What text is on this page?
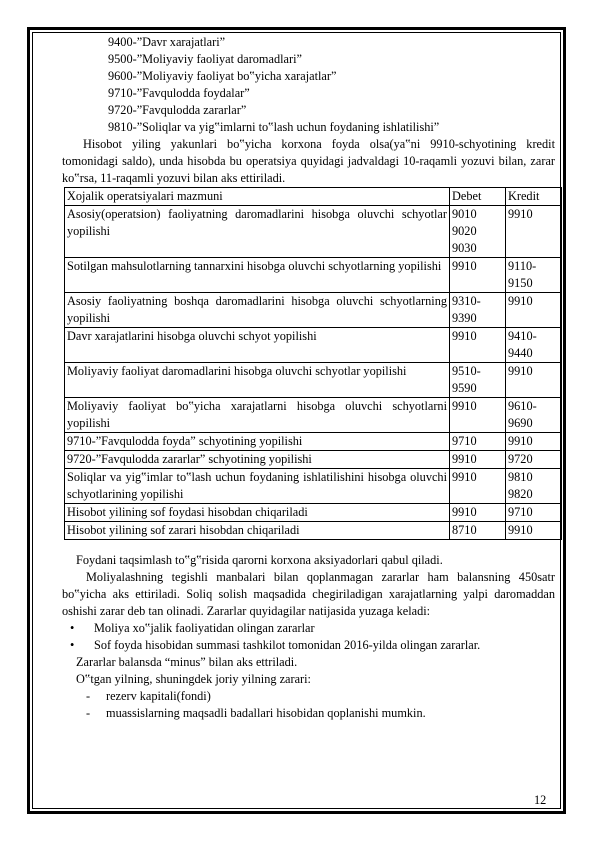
9400-”Davr xarajatlari”
9500-”Moliyaviy faoliyat daromadlari”
9600-”Moliyaviy faoliyat bo‟yicha xarajatlar”
9710-”Favqulodda foydalar”
9720-”Favqulodda zararlar”
9810-”Soliqlar va yig‟imlarni to‟lash uchun foydaning ishlatilishi”
Hisobot yiling yakunlari bo‟yicha korxona foyda olsa(ya‟ni 9910-schyotining kredit tomonidagi saldo), unda hisobda bu operatsiya quyidagi jadvaldagi 10-raqamli yozuvi bilan, zarar ko‟rsa, 11-raqamli yozuvi bilan aks ettiriladi.
Xojalik operatsiyalari mazmuni	Debet	Kredit
Asosiy(operatsion) faoliyatning daromadlarini hisobga oluvchi schyotlar yopilishi	9010
9020
9030	9910

Sotilgan mahsulotlarning tannarxini hisobga oluvchi schyotlarning yopilishi	9910	9110-
9150

Asosiy faoliyatning boshqa daromadlarini hisobga oluvchi schyotlarning yopilishi	9310-
9390	9910

Davr xarajatlarini hisobga oluvchi schyot yopilishi	9910	9410-
9440

Moliyaviy faoliyat daromadlarini hisobga oluvchi schyotlar yopilishi	9510-
9590	9910

Moliyaviy faoliyat bo‟yicha xarajatlarni hisobga oluvchi schyotlarni yopilishi	9910	9610-
9690

9710-”Favqulodda foyda” schyotining yopilishi	9710	9910

9720-”Favqulodda zararlar” schyotining yopilishi	9910	9720

Soliqlar va yig‟imlar to‟lash uchun foydaning ishlatilishini hisobga oluvchi schyotlarining yopilishi	9910	9810
9820

Hisobot yilining sof foydasi hisobdan chiqariladi	9910	9710

Hisobot yilining sof zarari hisobdan chiqariladi	8710	9910
Foydani taqsimlash to‟g‟risida qarorni korxona aksiyadorlari qabul qiladi.
Moliyalashning tegishli manbalari bilan qoplanmagan zararlar ham balansning 450satr bo‟yicha aks ettiriladi. Soliq solish maqsadida chegiriladigan xarajatlarning yalpi daromaddan oshishi zarar deb tan olinadi. Zararlar quyidagilar natijasida yuzaga keladi:
•	Moliya xo‟jalik faoliyatidan olingan zararlar
•	Sof foyda hisobidan summasi tashkilot tomonidan 2016-yilda olingan zararlar.
Zararlar balansda “minus” bilan aks ettriladi.
O‟tgan yilning, shuningdek joriy yilning zarari:
-	rezerv kapitali(fondi)
-	muassislarning maqsadli badallari hisobidan qoplanishi mumkin.
12
